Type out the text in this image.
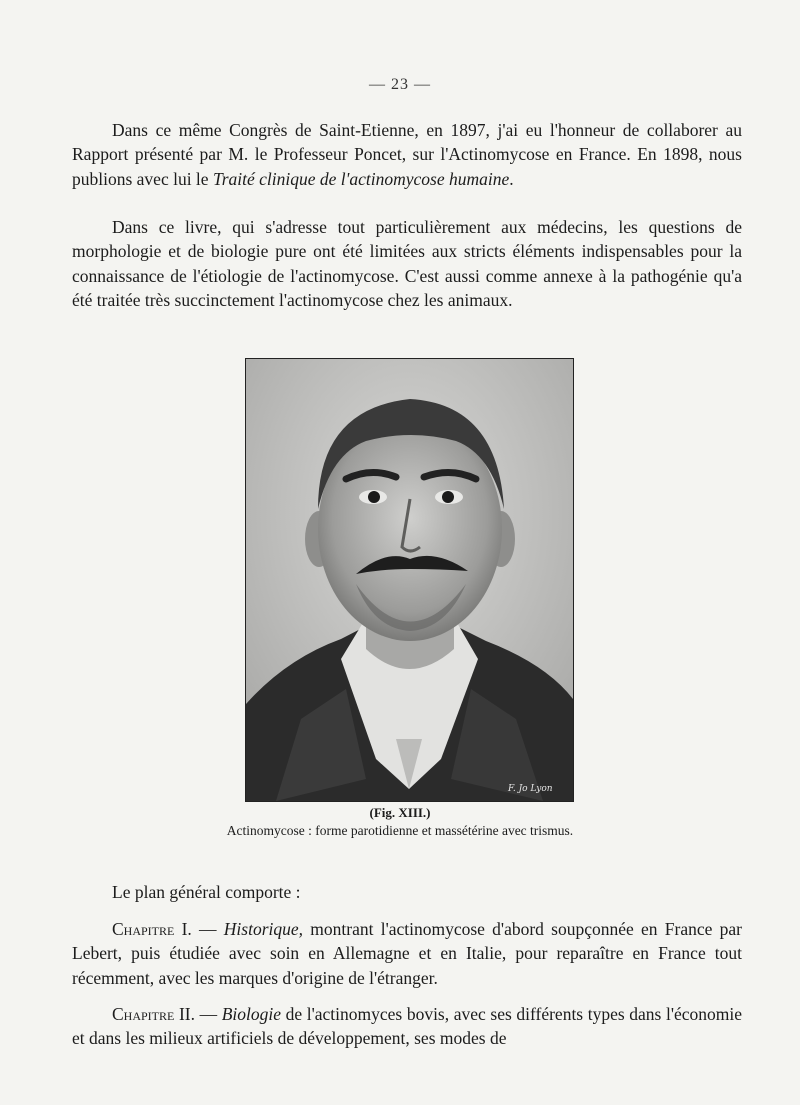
— 23 —
Dans ce même Congrès de Saint-Etienne, en 1897, j'ai eu l'honneur de collaborer au Rapport présenté par M. le Professeur Poncet, sur l'Actinomycose en France. En 1898, nous publions avec lui le Traité clinique de l'actinomycose humaine.
Dans ce livre, qui s'adresse tout particulièrement aux médecins, les questions de morphologie et de biologie pure ont été limitées aux stricts éléments indispensables pour la connaissance de l'étiologie de l'actinomycose. C'est aussi comme annexe à la pathogénie qu'a été traitée très succinctement l'actinomycose chez les animaux.
F. Jo Lyon
(Fig. XIII.)
Actinomycose : forme parotidienne et massétérine avec trismus.
Le plan général comporte :
Chapitre I. — Historique, montrant l'actinomycose d'abord soupçonnée en France par Lebert, puis étudiée avec soin en Allemagne et en Italie, pour reparaître en France tout récemment, avec les marques d'origine de l'étranger.
Chapitre II. — Biologie de l'actinomyces bovis, avec ses différents types dans l'économie et dans les milieux artificiels de développement, ses modes de
